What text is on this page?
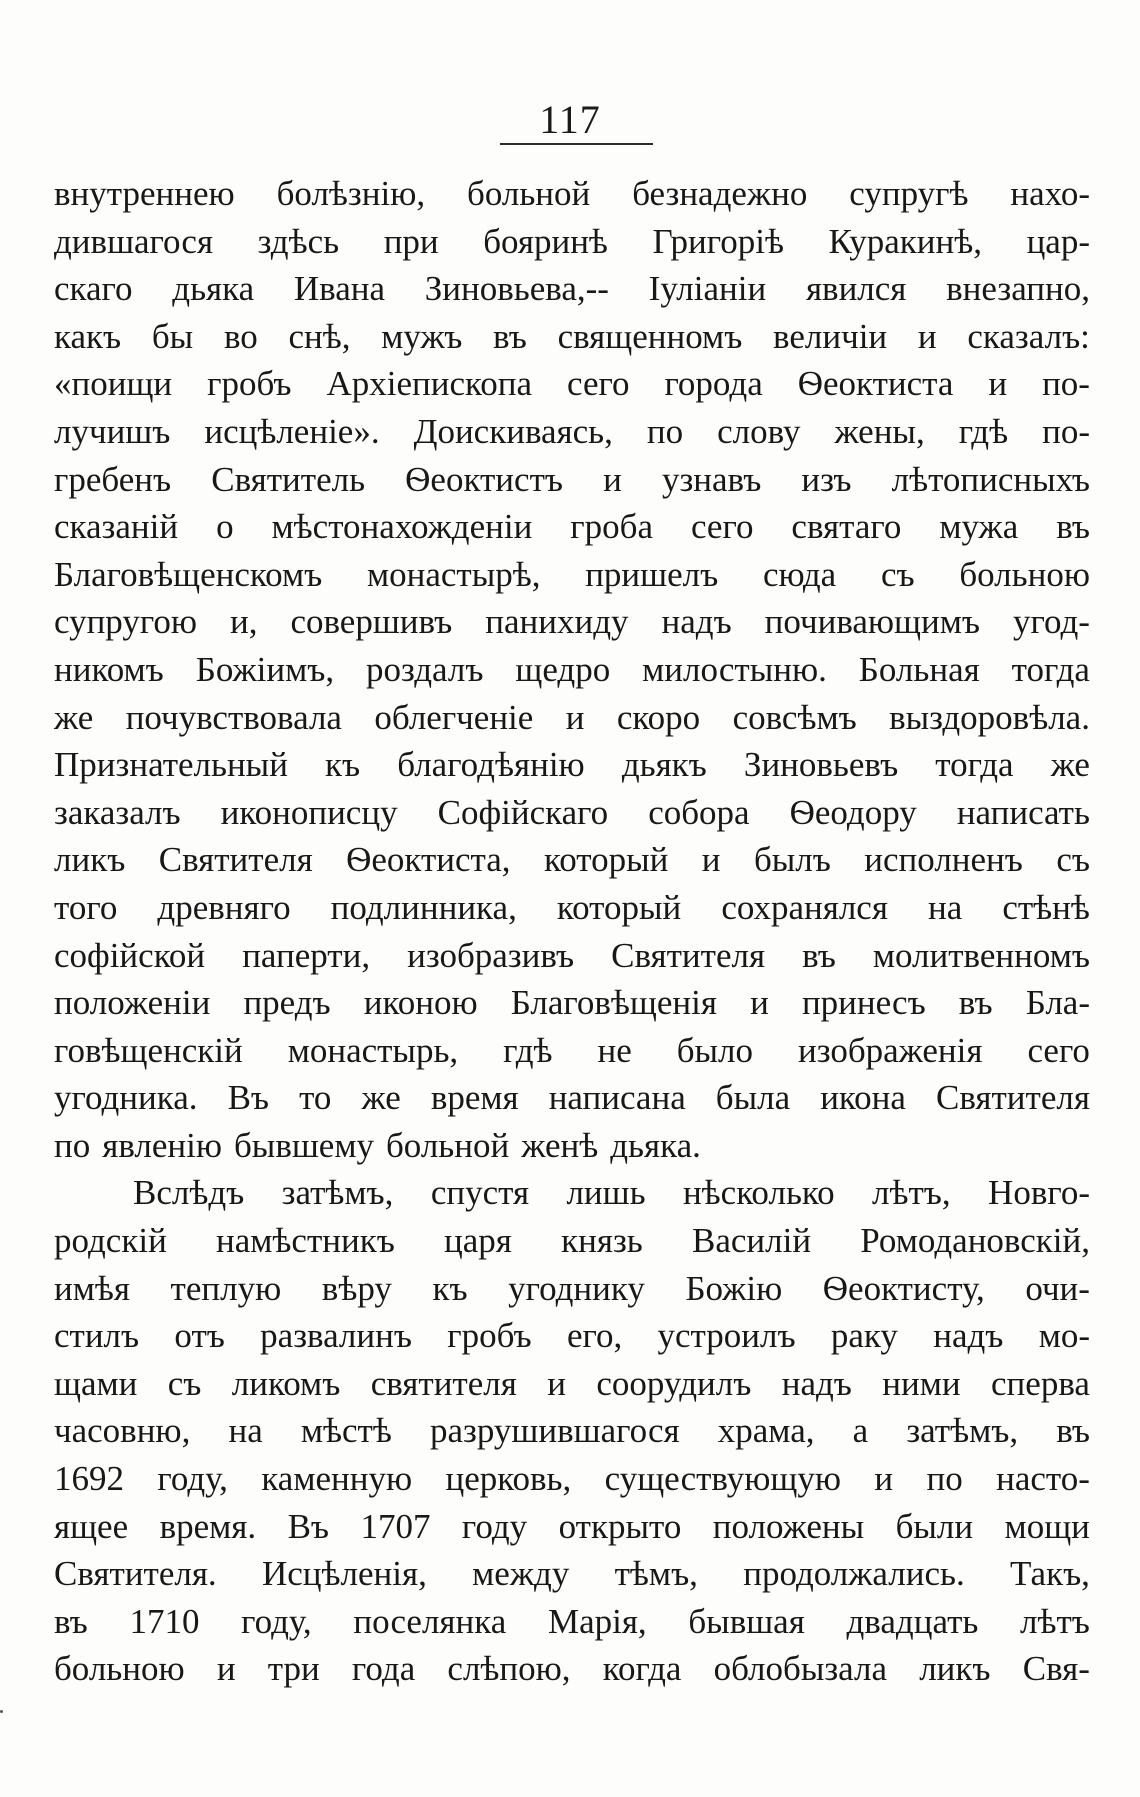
117
внутреннею болѣзнію, больной безнадежно супругѣ нахо-
дившагося здѣсь при бояринѣ Григоріѣ Куракинѣ, цар-
скаго дьяка Ивана Зиновьева,-- Іуліаніи явился внезапно,
какъ бы во снѣ, мужъ въ священномъ величіи и сказалъ:
«поищи гробъ Архіепископа сего города Ѳеоктиста и по-
лучишъ исцѣленіе». Доискиваясь, по слову жены, гдѣ по-
гребенъ Святитель Ѳеоктистъ и узнавъ изъ лѣтописныхъ
сказаній о мѣстонахожденіи гроба сего святаго мужа въ
Благовѣщенскомъ монастырѣ, пришелъ сюда съ больною
супругою и, совершивъ панихиду надъ почивающимъ угод-
никомъ Божіимъ, роздалъ щедро милостыню. Больная тогда
же почувствовала облегченіе и скоро совсѣмъ выздоровѣла.
Признательный къ благодѣянію дьякъ Зиновьевъ тогда же
заказалъ иконописцу Софійскаго собора Ѳеодору написать
ликъ Святителя Ѳеоктиста, который и былъ исполненъ съ
того древняго подлинника, который сохранялся на стѣнѣ
софійской паперти, изобразивъ Святителя въ молитвенномъ
положеніи предъ иконою Благовѣщенія и принесъ въ Бла-
говѣщенскій монастырь, гдѣ не было изображенія сего
угодника. Въ то же время написана была икона Святителя
по явленію бывшему больной женѣ дьяка.
Вслѣдъ затѣмъ, спустя лишь нѣсколько лѣтъ, Новго-
родскій намѣстникъ царя князь Василій Ромодановскій,
имѣя теплую вѣру къ угоднику Божію Ѳеоктисту, очи-
стилъ отъ развалинъ гробъ его, устроилъ раку надъ мо-
щами съ ликомъ святителя и соорудилъ надъ ними сперва
часовню, на мѣстѣ разрушившагося храма, а затѣмъ, въ
1692 году, каменную церковь, существующую и по насто-
ящее время. Въ 1707 году открыто положены были мощи
Святителя. Исцѣленія, между тѣмъ, продолжались. Такъ,
въ 1710 году, поселянка Марія, бывшая двадцать лѣтъ
больною и три года слѣпою, когда облобызала ликъ Свя-
